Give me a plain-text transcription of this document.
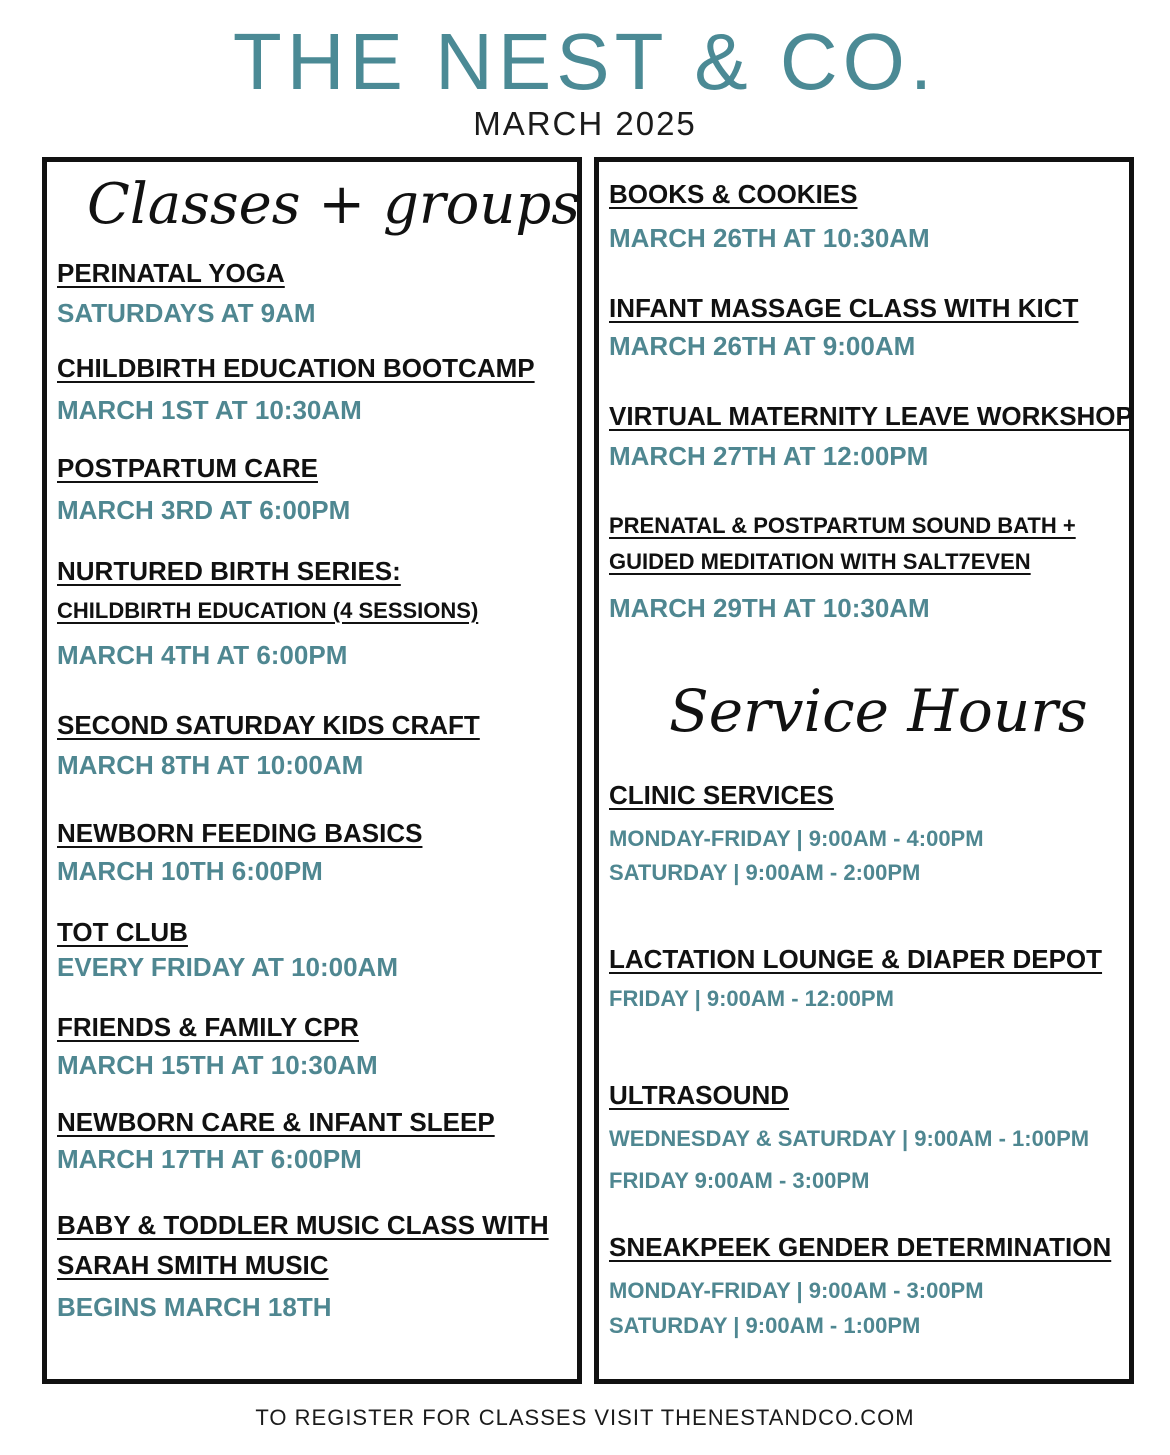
THE NEST & CO.
MARCH 2025
Classes + groups
PERINATAL YOGA
SATURDAYS AT 9AM
CHILDBIRTH EDUCATION BOOTCAMP
MARCH 1ST AT 10:30AM
POSTPARTUM CARE
MARCH 3RD AT 6:00PM
NURTURED BIRTH SERIES:
CHILDBIRTH EDUCATION (4 SESSIONS)
MARCH 4TH AT 6:00PM
SECOND SATURDAY KIDS CRAFT
MARCH 8TH AT 10:00AM
NEWBORN FEEDING BASICS
MARCH 10TH 6:00PM
TOT CLUB
EVERY FRIDAY AT 10:00AM
FRIENDS & FAMILY CPR
MARCH 15TH AT 10:30AM
NEWBORN CARE & INFANT SLEEP
MARCH 17TH AT 6:00PM
BABY & TODDLER MUSIC CLASS WITH
SARAH SMITH MUSIC
BEGINS MARCH 18TH
BOOKS & COOKIES
MARCH 26TH AT 10:30AM
INFANT MASSAGE CLASS WITH KICT
MARCH 26TH AT 9:00AM
VIRTUAL MATERNITY LEAVE WORKSHOP
MARCH 27TH AT 12:00PM
PRENATAL & POSTPARTUM SOUND BATH +
GUIDED MEDITATION WITH SALT7EVEN
MARCH 29TH AT 10:30AM
Service Hours
CLINIC SERVICES
MONDAY-FRIDAY | 9:00AM - 4:00PM
SATURDAY | 9:00AM - 2:00PM
LACTATION LOUNGE & DIAPER DEPOT
FRIDAY | 9:00AM - 12:00PM
ULTRASOUND
WEDNESDAY & SATURDAY | 9:00AM - 1:00PM
FRIDAY 9:00AM - 3:00PM
SNEAKPEEK GENDER DETERMINATION
MONDAY-FRIDAY | 9:00AM - 3:00PM
SATURDAY | 9:00AM - 1:00PM
TO REGISTER FOR CLASSES VISIT THENESTANDCO.COM
